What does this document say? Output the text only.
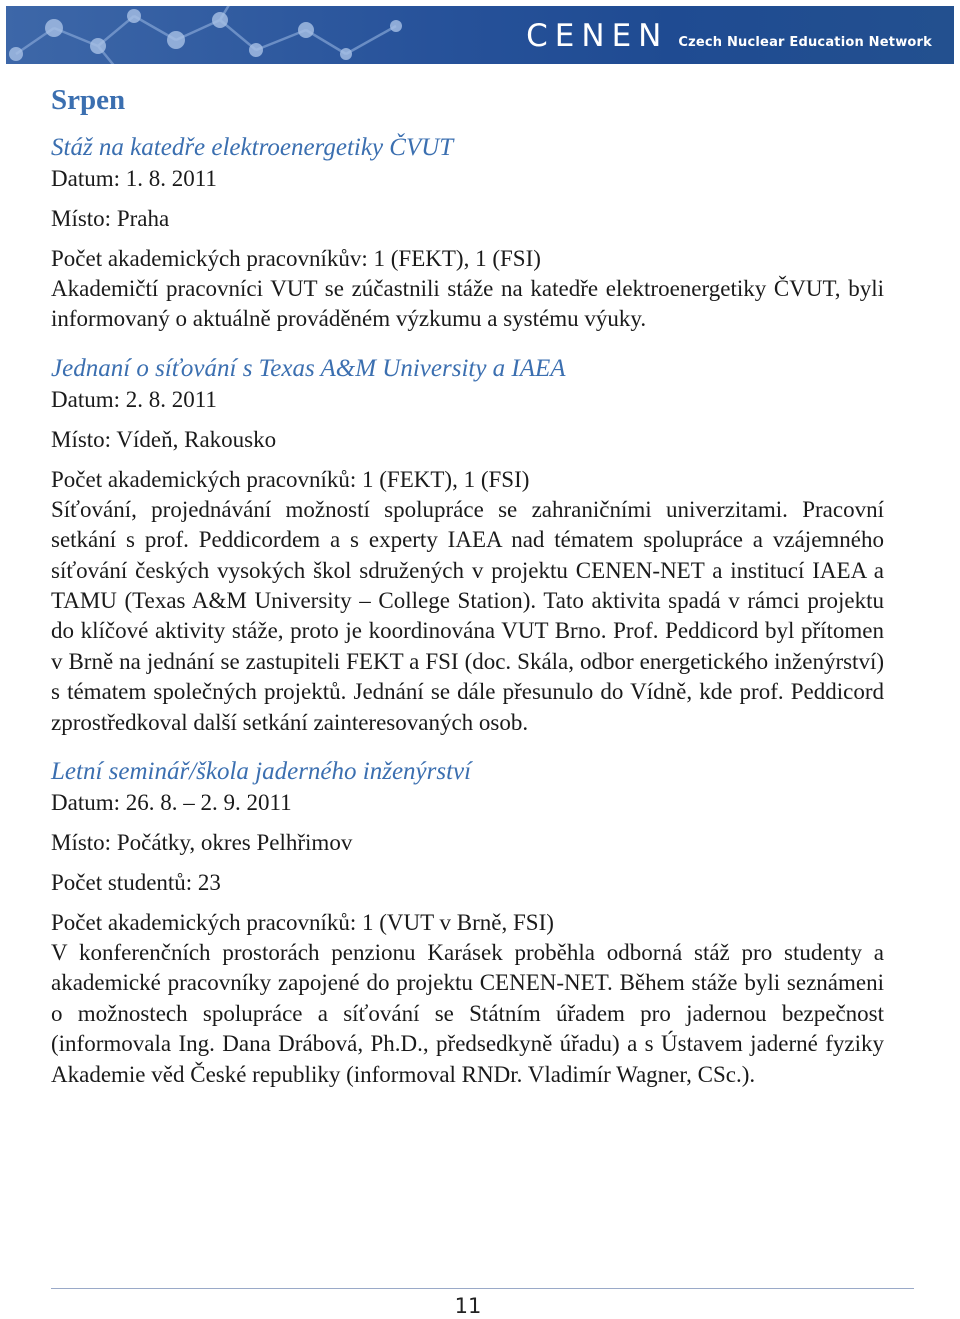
CENEN Czech Nuclear Education Network
Srpen
Stáž na katedře elektroenergetiky ČVUT

Datum: 1. 8. 2011

Místo: Praha

Počet akademických pracovníkův: 1 (FEKT), 1 (FSI)

Akademičtí pracovníci VUT se zúčastnili stáže na katedře elektroenergetiky ČVUT, byli informovaný o aktuálně prováděném výzkumu a systému výuky.

Jednaní o síťování s Texas A&M University a IAEA

Datum: 2. 8. 2011

Místo: Vídeň, Rakousko

Počet akademických pracovníků: 1 (FEKT), 1 (FSI)

Síťování, projednávání možností spolupráce se zahraničními univerzitami. Pracovní setkání s prof. Peddicordem a s experty IAEA nad tématem spolupráce a vzájemného síťování českých vysokých škol sdružených v projektu CENEN-NET a institucí IAEA a TAMU (Texas A&M University – College Station). Tato aktivita spadá v rámci projektu do klíčové aktivity stáže, proto je koordinována VUT Brno. Prof. Peddicord byl přítomen v Brně na jednání se zastupiteli FEKT a FSI (doc. Skála, odbor energetického inženýrství) s tématem společných projektů. Jednání se dále přesunulo do Vídně, kde prof. Peddicord zprostředkoval další setkání zainteresovaných osob.

Letní seminář/škola jaderného inženýrství

Datum: 26. 8. – 2. 9. 2011

Místo: Počátky, okres Pelhřimov

Počet studentů: 23

Počet akademických pracovníků: 1 (VUT v Brně, FSI)

V konferenčních prostorách penzionu Karásek proběhla odborná stáž pro studenty a akademické pracovníky zapojené do projektu CENEN-NET. Během stáže byli seznámeni o možnostech spolupráce a síťování se Státním úřadem pro jadernou bezpečnost (informovala Ing. Dana Drábová, Ph.D., předsedkyně úřadu) a s Ústavem jaderné fyziky Akademie věd České republiky (informoval RNDr. Vladimír Wagner, CSc.).

11
